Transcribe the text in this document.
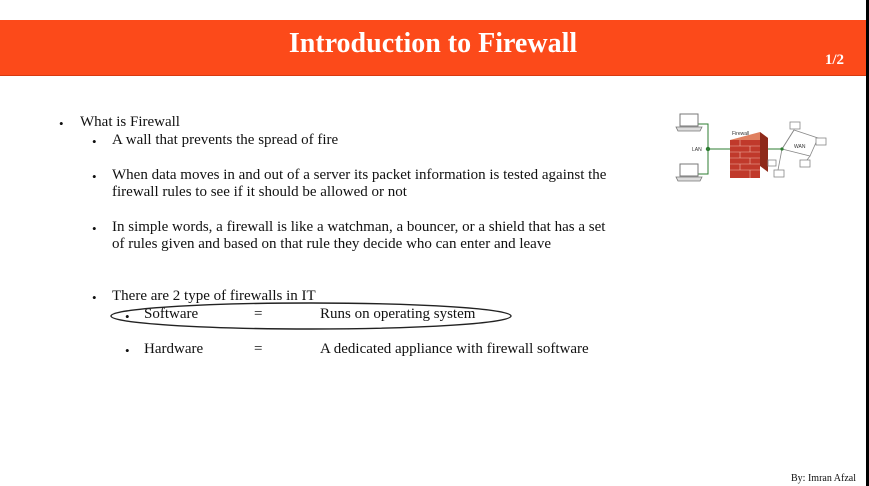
Introduction to Firewall
1/2
• What is Firewall
• A wall that prevents the spread of fire
• When data moves in and out of a server its packet information is tested against the
firewall rules to see if it should be allowed or not
• In simple words, a firewall is like a watchman, a bouncer, or a shield that has a set
of rules given and based on that rule they decide who can enter and leave
• There are 2 type of firewalls in IT
• Software	=	Runs on operating system
• Hardware	=	A dedicated appliance with firewall software
LAN
Firewall
WAN
By: Imran Afzal
